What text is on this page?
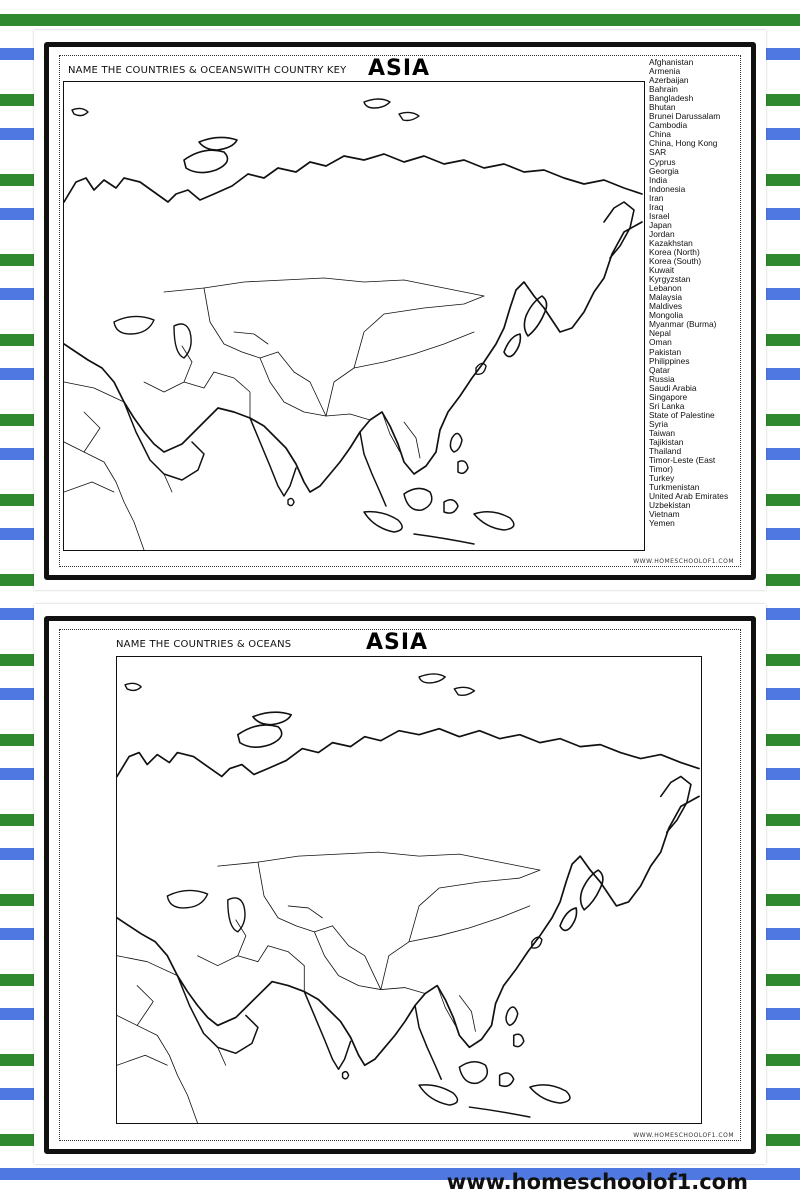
NAME THE COUNTRIES & OCEANSWITH COUNTRY KEY ASIA	Afghanistan
Armenia
Azerbaijan
Bahrain
Bangladesh
Bhutan
Brunei Darussalam
Cambodia
China
China, Hong Kong
SAR
Cyprus
Georgia
India
Indonesia
Iran
Iraq
Israel
Japan
Jordan
Kazakhstan
Korea (North)
Korea (South)
Kuwait
Kyrgyzstan
Lebanon
Malaysia
Maldives
Mongolia
Myanmar (Burma)
Nepal
Oman
Pakistan
Philippines
Qatar
Russia
Saudi Arabia
Singapore
Sri Lanka
State of Palestine
Syria
Taiwan
Tajikistan
Thailand
Timor-Leste (East
Timor)
Turkey
Turkmenistan
United Arab Emirates
Uzbekistan
Vietnam
Yemen
WWW.HOMESCHOOLOF1.COM
NAME THE COUNTRIES & OCEANS	ASIA
WWW.HOMESCHOOLOF1.COM
www.homeschoolof1.com
